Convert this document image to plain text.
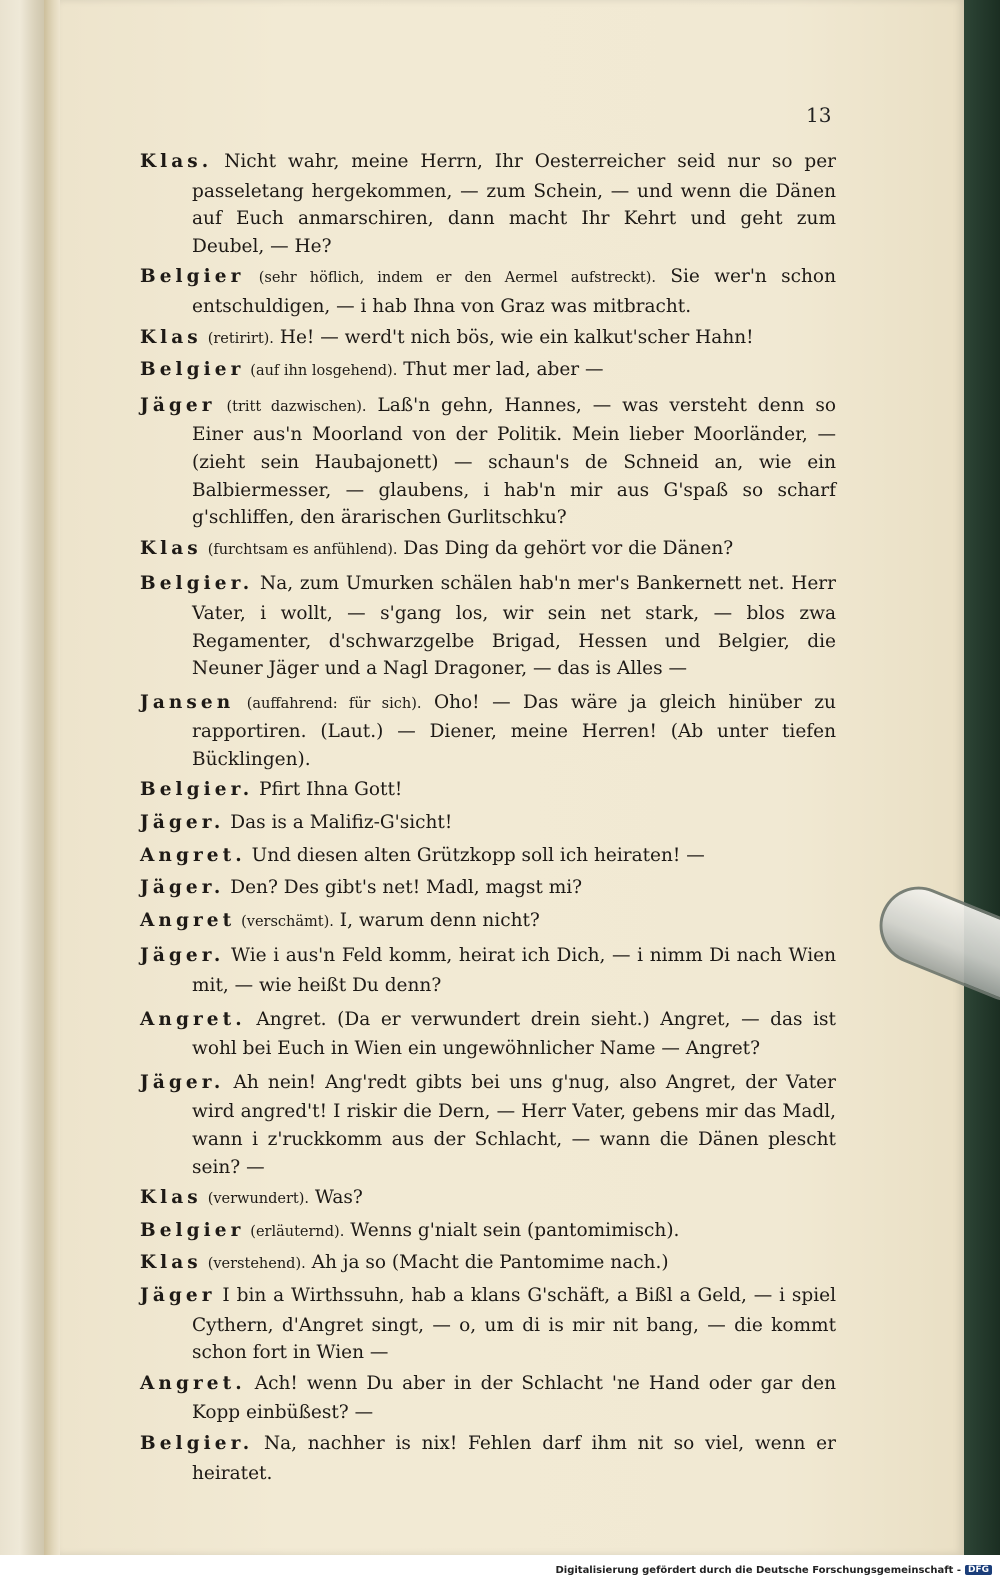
13

Klas. Nicht wahr, meine Herrn, Ihr Oesterreicher seid nur so per passeletang hergekommen, — zum Schein, — und wenn die Dänen auf Euch anmarschiren, dann macht Ihr Kehrt und geht zum Deubel, — He?

Belgier (sehr höflich, indem er den Aermel aufstreckt). Sie wer'n schon entschuldigen, — i hab Ihna von Graz was mitbracht.

Klas (retirirt). He! — werd't nich bös, wie ein kalkut'scher Hahn!

Belgier (auf ihn losgehend). Thut mer lad, aber —

Jäger (tritt dazwischen). Laß'n gehn, Hannes, — was versteht denn so Einer aus'n Moorland von der Politik. Mein lieber Moorländer, — (zieht sein Haubajonett) — schaun's de Schneid an, wie ein Balbiermesser, — glaubens, i hab'n mir aus G'spaß so scharf g'schliffen, den ärarischen Gurlitschku?

Klas (furchtsam es anfühlend). Das Ding da gehört vor die Dänen?

Belgier. Na, zum Umurken schälen hab'n mer's Bankernett net. Herr Vater, i wollt, — s'gang los, wir sein net stark, — blos zwa Regamenter, d'schwarzgelbe Brigad, Hessen und Belgier, die Neuner Jäger und a Nagl Dragoner, — das is Alles —

Jansen (auffahrend: für sich). Oho! — Das wäre ja gleich hinüber zu rapportiren. (Laut.) — Diener, meine Herren! (Ab unter tiefen Bücklingen).

Belgier. Pfirt Ihna Gott!

Jäger. Das is a Malifiz-G'sicht!

Angret. Und diesen alten Grützkopp soll ich heiraten! —

Jäger. Den? Des gibt's net! Madl, magst mi?

Angret (verschämt). I, warum denn nicht?

Jäger. Wie i aus'n Feld komm, heirat ich Dich, — i nimm Di nach Wien mit, — wie heißt Du denn?

Angret. Angret. (Da er verwundert drein sieht.) Angret, — das ist wohl bei Euch in Wien ein ungewöhnlicher Name — Angret?

Jäger. Ah nein! Ang'redt gibts bei uns g'nug, also Angret, der Vater wird angred't! I riskir die Dern, — Herr Vater, gebens mir das Madl, wann i z'ruckkomm aus der Schlacht, — wann die Dänen plescht sein? —

Klas (verwundert). Was?

Belgier (erläuternd). Wenns g'nialt sein (pantomimisch).

Klas (verstehend). Ah ja so (Macht die Pantomime nach.)

Jäger I bin a Wirthssuhn, hab a klans G'schäft, a Bißl a Geld, — i spiel Cythern, d'Angret singt, — o, um di is mir nit bang, — die kommt schon fort in Wien —

Angret. Ach! wenn Du aber in der Schlacht 'ne Hand oder gar den Kopp einbüßest? —

Belgier. Na, nachher is nix! Fehlen darf ihm nit so viel, wenn er heiratet.

Digitalisierung gefördert durch die Deutsche Forschungsgemeinschaft - DFG
